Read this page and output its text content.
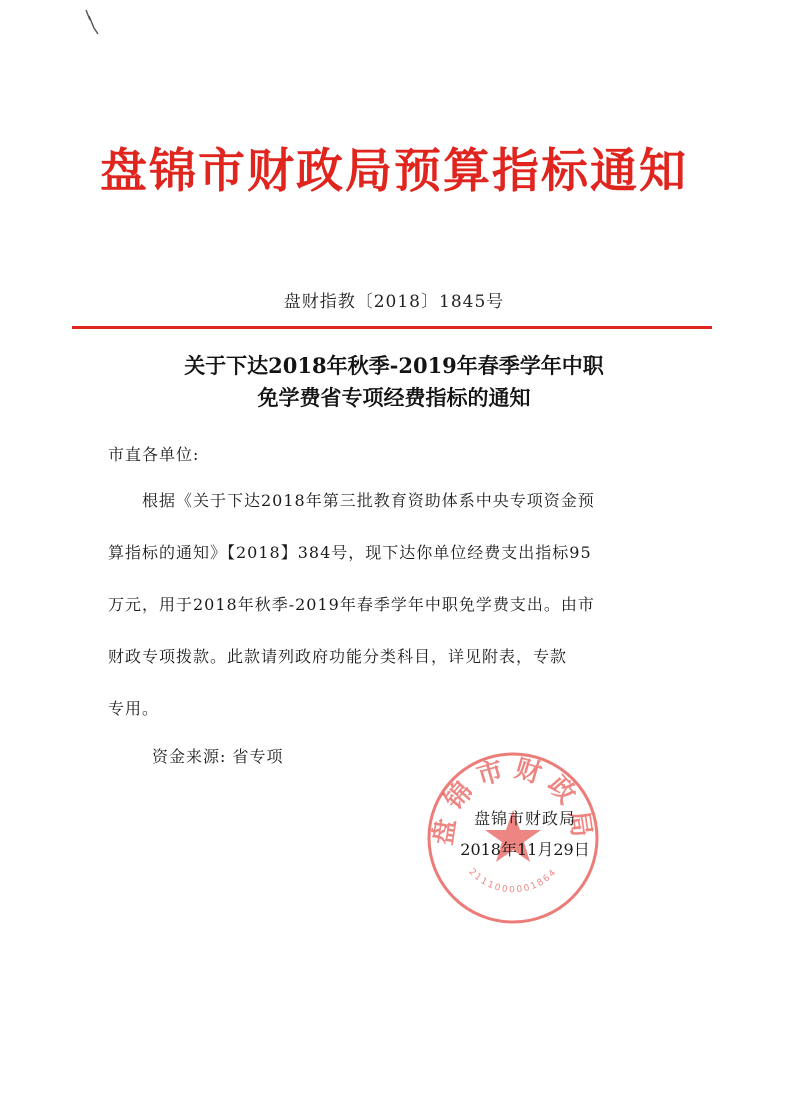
盘锦市财政局预算指标通知
盘财指教〔2018〕1845号
关于下达2018年秋季-2019年春季学年中职
免学费省专项经费指标的通知
市直各单位:
根据《关于下达2018年第三批教育资助体系中央专项资金预
算指标的通知》【2018】384号，现下达你单位经费支出指标95
万元，用于2018年秋季-2019年春季学年中职免学费支出。由市
财政专项拨款。此款请列政府功能分类科目，详见附表，专款
专用。
资金来源: 省专项
盘锦市财政局
2111000001864
盘锦市财政局
2018年11月29日
